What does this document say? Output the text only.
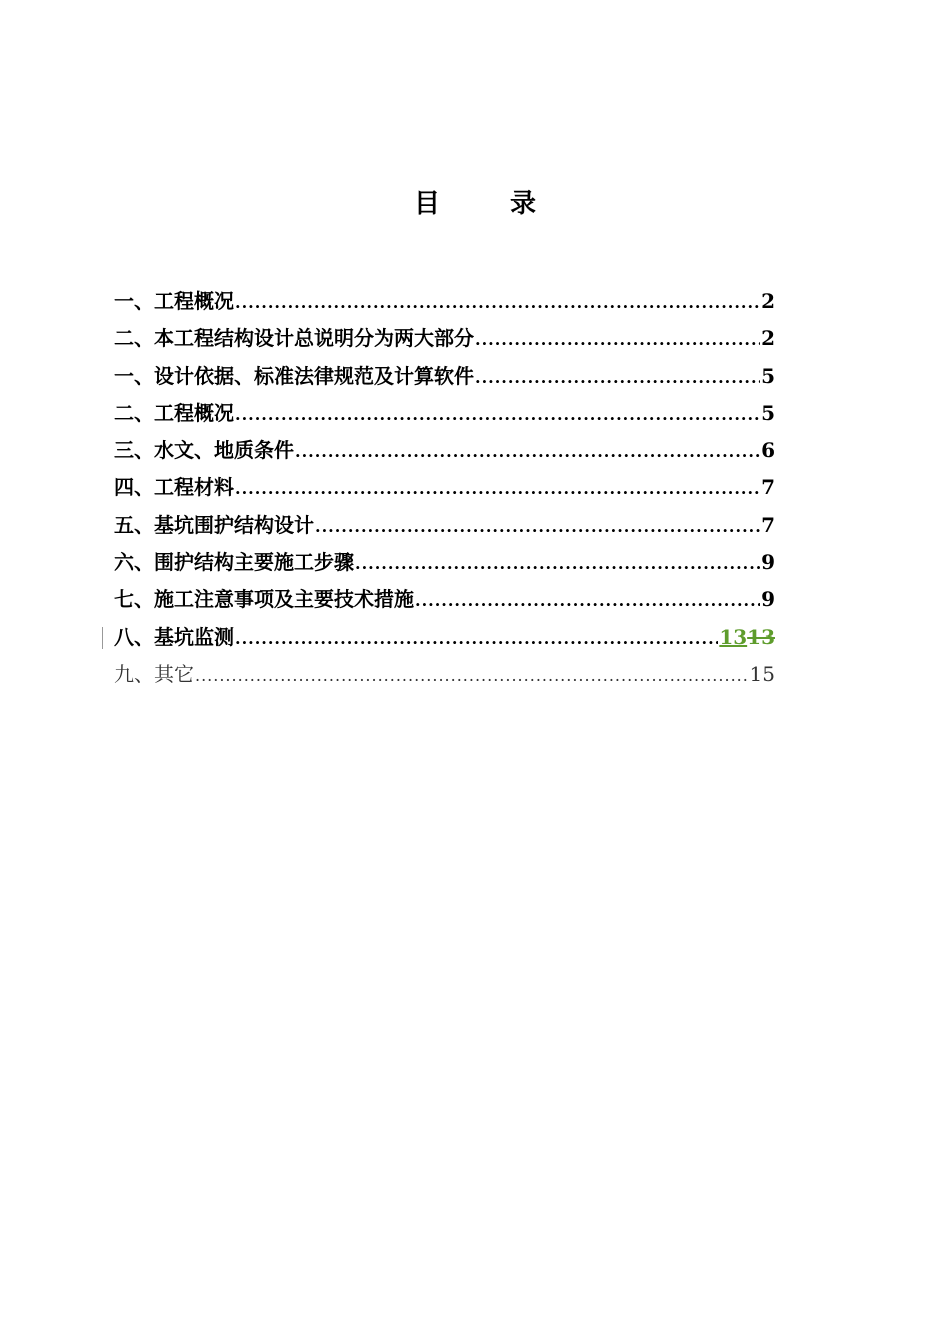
目　录
一、工程概况 .....	2
二、本工程结构设计总说明分为两大部分 .....	2
一、设计依据、标准法律规范及计算软件 .....	5
二、工程概况 .....	5
三、水文、地质条件 .....	6
四、工程材料 .....	7
五、基坑围护结构设计 .....	7
六、围护结构主要施工步骤 .....	9
七、施工注意事项及主要技术措施 .....	9
八、基坑监测 .....	1313
九、其它 .....	15
